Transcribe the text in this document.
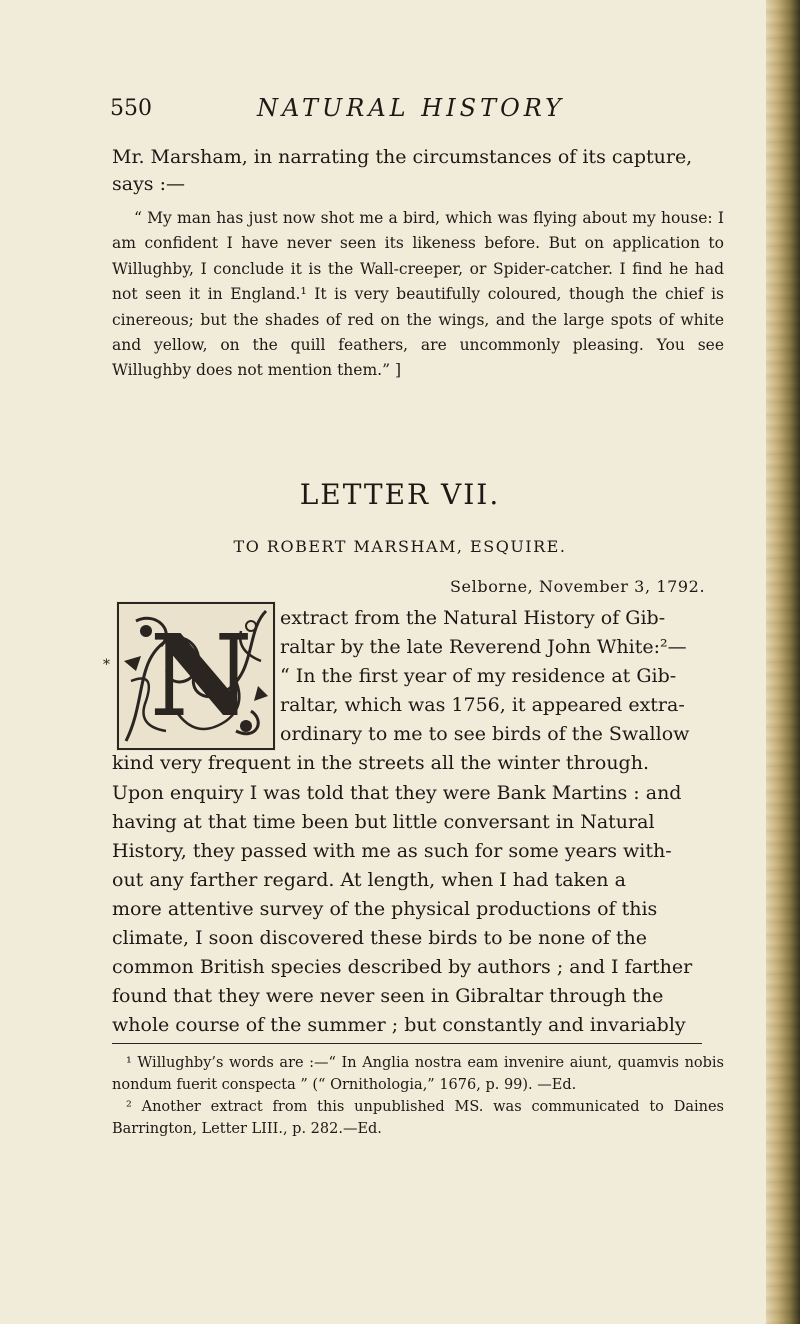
550	NATURAL HISTORY

Mr. Marsham, in narrating the circumstances of its capture, says :—

“ My man has just now shot me a bird, which was flying about my house: I am confident I have never seen its likeness before. But on application to Willughby, I conclude it is the Wall-creeper, or Spider-catcher. I find he had not seen it in England.¹ It is very beautifully coloured, though the chief is cinereous; but the shades of red on the wings, and the large spots of white and yellow, on the quill feathers, are uncommonly pleasing. You see Willughby does not mention them.” ]

LETTER VII.
TO ROBERT MARSHAM, ESQUIRE.
Selborne, November 3, 1792.
N
*
extract from the Natural History of Gib-
raltar by the late Reverend John White:²—
“ In the first year of my residence at Gib-
raltar, which was 1756, it appeared extra-
ordinary to me to see birds of the Swallow
kind very frequent in the streets all the winter through.
Upon enquiry I was told that they were Bank Martins : and
having at that time been but little conversant in Natural
History, they passed with me as such for some years with-
out any farther regard. At length, when I had taken a
more attentive survey of the physical productions of this
climate, I soon discovered these birds to be none of the
common British species described by authors ; and I farther
found that they were never seen in Gibraltar through the
whole course of the summer ; but constantly and invariably

¹ Willughby’s words are :—“ In Anglia nostra eam invenire aiunt, quamvis nobis nondum fuerit conspecta ” (“ Ornithologia,” 1676, p. 99). —Ed.

² Another extract from this unpublished MS. was communicated to Daines Barrington, Letter LIII., p. 282.—Ed.
